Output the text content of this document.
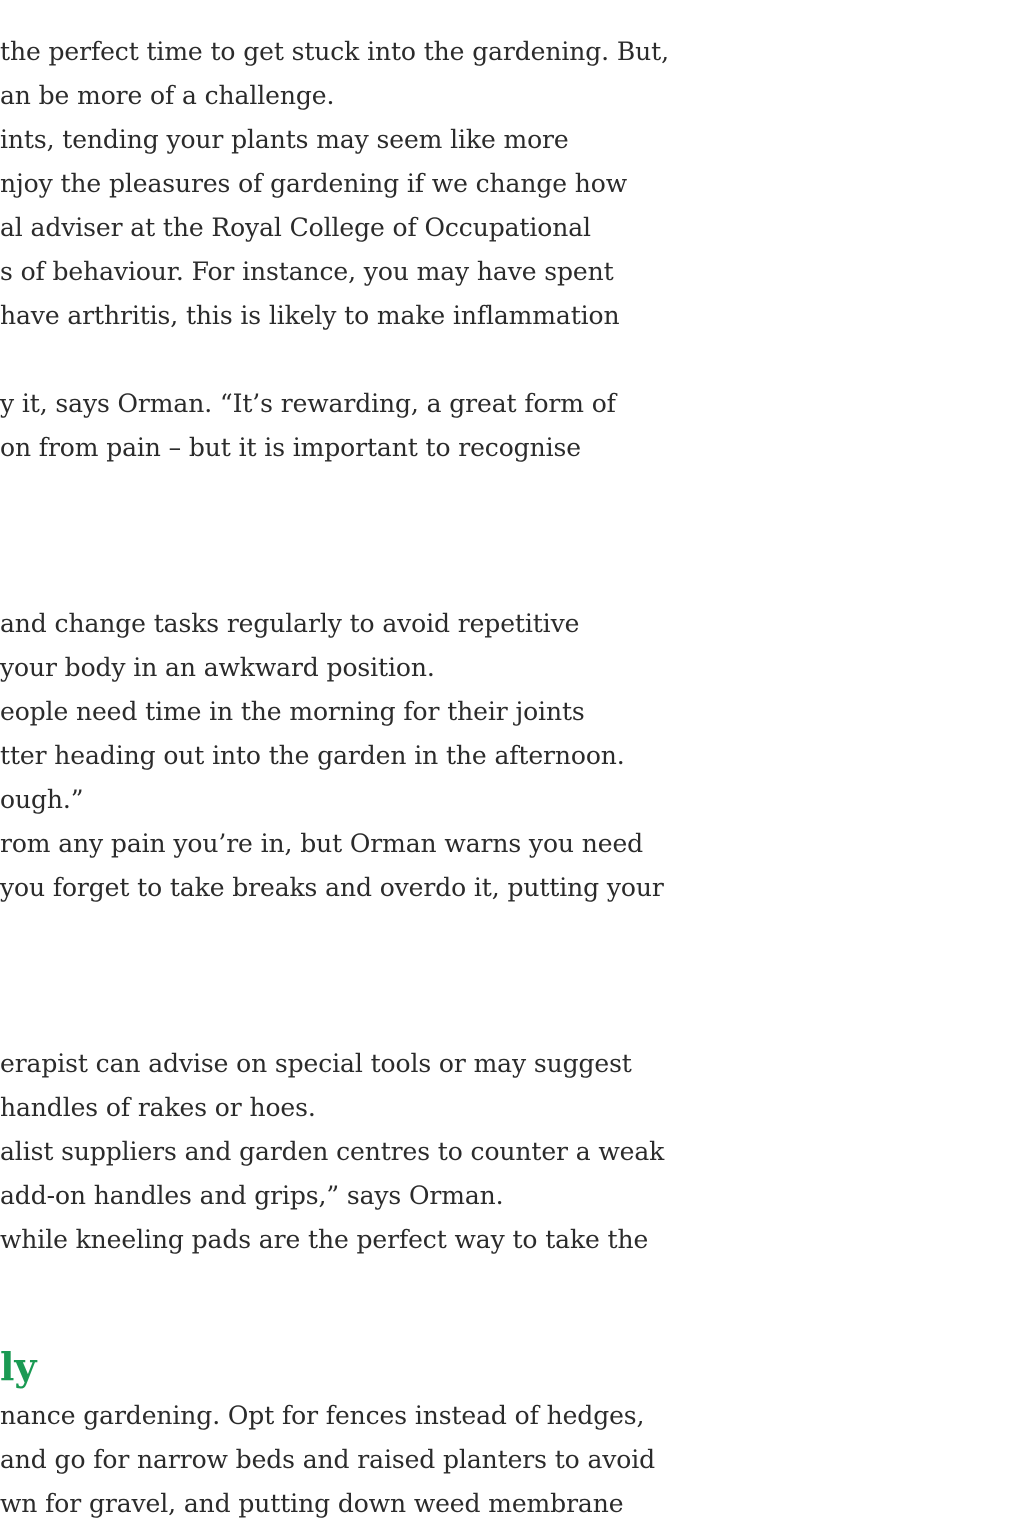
the perfect time to get stuck into the gardening. But,
an be more of a challenge.
ints, tending your plants may seem like more
njoy the pleasures of gardening if we change how
al adviser at the Royal College of Occupational
s of behaviour. For instance, you may have spent
have arthritis, this is likely to make inflammation
y it, says Orman. “It’s rewarding, a great form of
on from pain – but it is important to recognise
and change tasks regularly to avoid repetitive
your body in an awkward position.
eople need time in the morning for their joints
tter heading out into the garden in the afternoon.
ough.”
rom any pain you’re in, but Orman warns you need
you forget to take breaks and overdo it, putting your
erapist can advise on special tools or may suggest
handles of rakes or hoes.
alist suppliers and garden centres to counter a weak
add-on handles and grips,” says Orman.
while kneeling pads are the perfect way to take the
ly
nance gardening. Opt for fences instead of hedges,
and go for narrow beds and raised planters to avoid
wn for gravel, and putting down weed membrane
